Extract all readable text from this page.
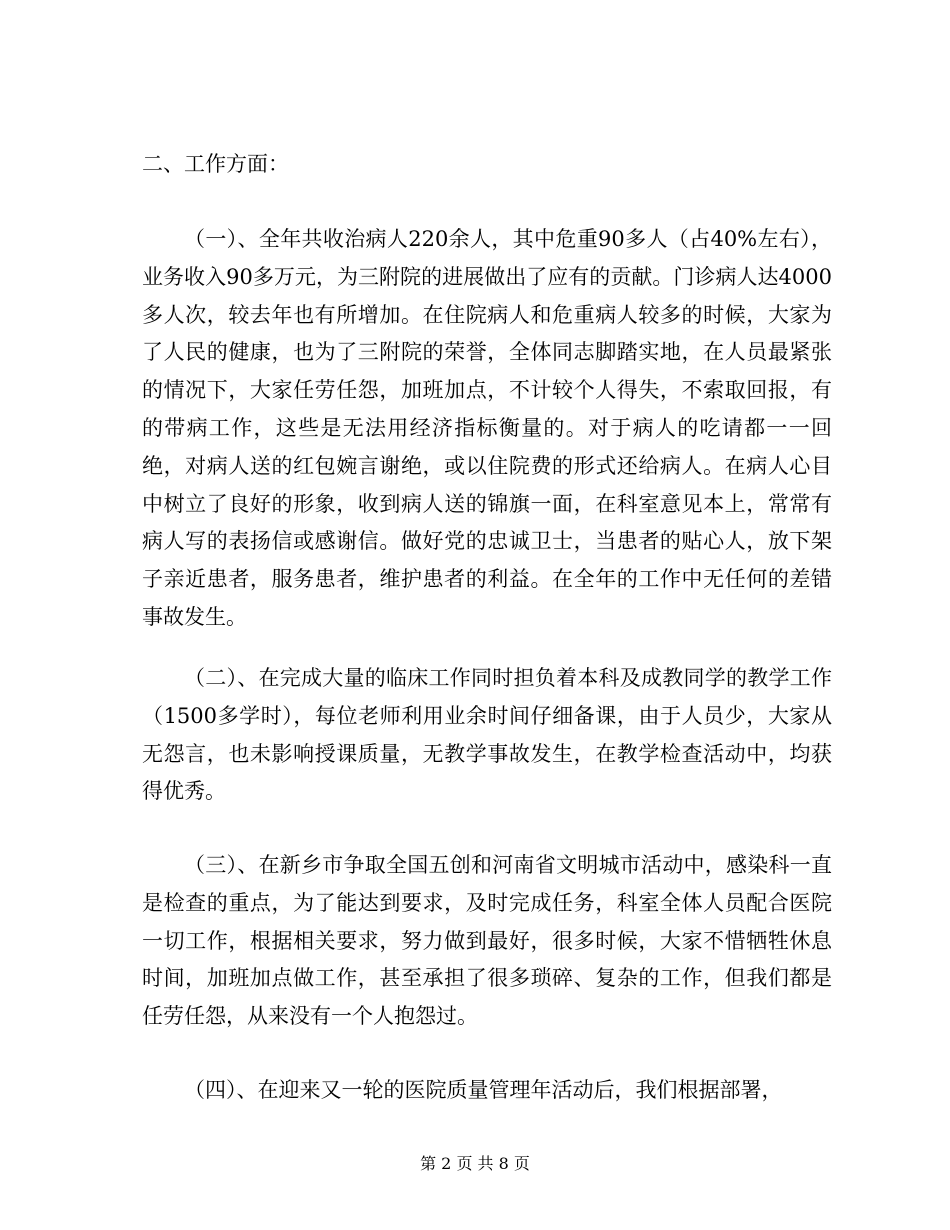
二、工作方面：

（一）、全年共收治病人220余人，其中危重90多人（占40%左右），业务收入90多万元，为三附院的进展做出了应有的贡献。门诊病人达4000多人次，较去年也有所增加。在住院病人和危重病人较多的时候，大家为了人民的健康，也为了三附院的荣誉，全体同志脚踏实地，在人员最紧张的情况下，大家任劳任怨，加班加点，不计较个人得失，不索取回报，有的带病工作，这些是无法用经济指标衡量的。对于病人的吃请都一一回绝，对病人送的红包婉言谢绝，或以住院费的形式还给病人。在病人心目中树立了良好的形象，收到病人送的锦旗一面，在科室意见本上，常常有病人写的表扬信或感谢信。做好党的忠诚卫士，当患者的贴心人，放下架子亲近患者，服务患者，维护患者的利益。在全年的工作中无任何的差错事故发生。

（二）、在完成大量的临床工作同时担负着本科及成教同学的教学工作（1500多学时），每位老师利用业余时间仔细备课，由于人员少，大家从无怨言，也未影响授课质量，无教学事故发生，在教学检查活动中，均获得优秀。

（三）、在新乡市争取全国五创和河南省文明城市活动中，感染科一直是检查的重点，为了能达到要求，及时完成任务，科室全体人员配合医院一切工作，根据相关要求，努力做到最好，很多时候，大家不惜牺牲休息时间，加班加点做工作，甚至承担了很多琐碎、复杂的工作，但我们都是任劳任怨，从来没有一个人抱怨过。

（四）、在迎来又一轮的医院质量管理年活动后，我们根据部署，

第 2 页 共 8 页
